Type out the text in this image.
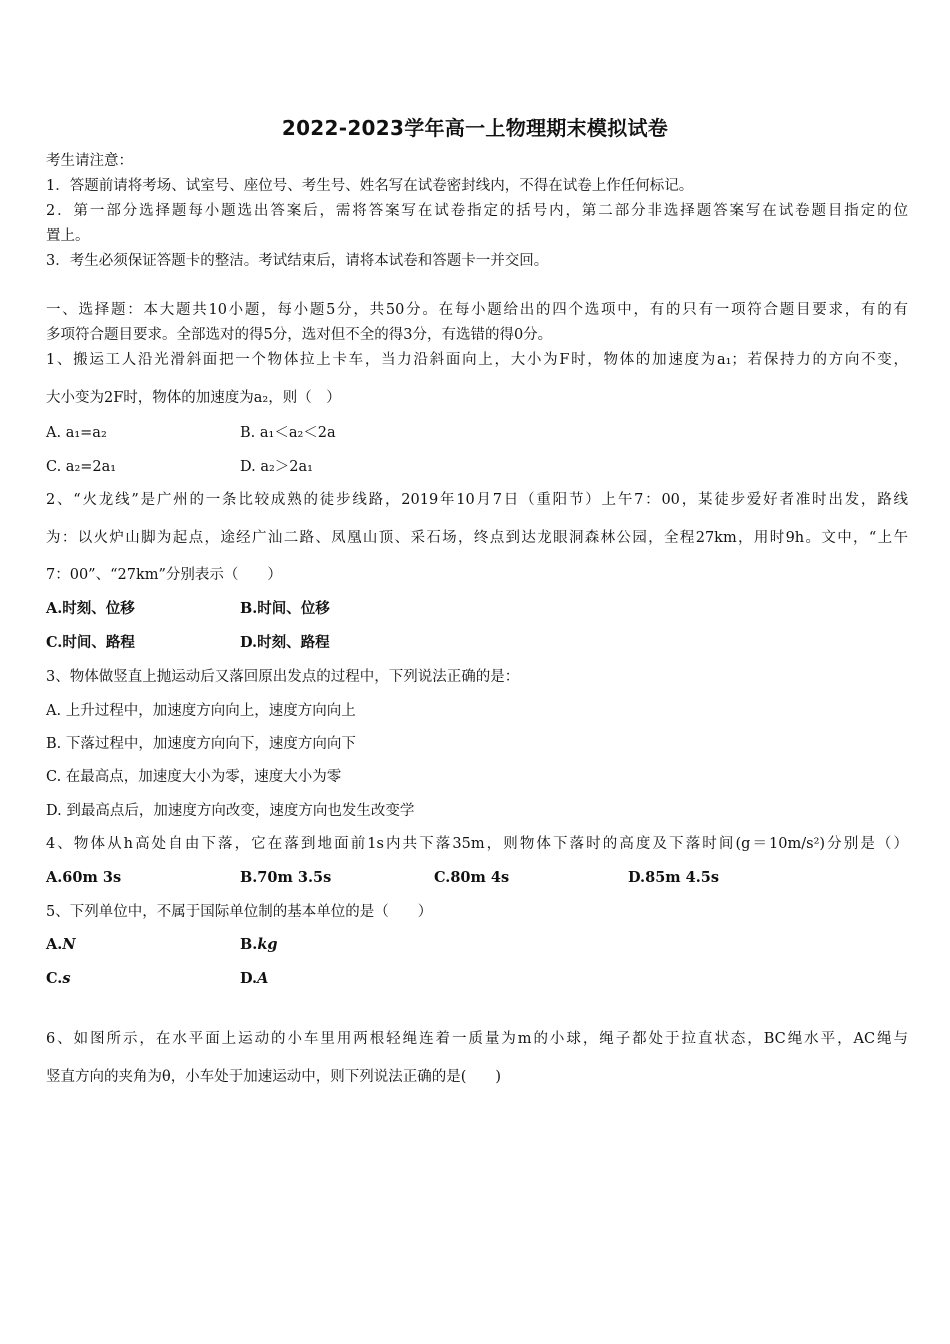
2022-2023学年高一上物理期末模拟试卷
考生请注意：
1．答题前请将考场、试室号、座位号、考生号、姓名写在试卷密封线内，不得在试卷上作任何标记。
2．第一部分选择题每小题选出答案后，需将答案写在试卷指定的括号内，第二部分非选择题答案写在试卷题目指定的位
置上。
3．考生必须保证答题卡的整洁。考试结束后，请将本试卷和答题卡一并交回。
一、选择题：本大题共10小题，每小题5分，共50分。在每小题给出的四个选项中，有的只有一项符合题目要求，有的有
多项符合题目要求。全部选对的得5分，选对但不全的得3分，有选错的得0分。
1、搬运工人沿光滑斜面把一个物体拉上卡车，当力沿斜面向上，大小为F时，物体的加速度为a₁；若保持力的方向不变，
大小变为2F时，物体的加速度为a₂，则（　）
A. a₁=a₂	B. a₁＜a₂＜2a
C. a₂=2a₁	D. a₂＞2a₁
2、“火龙线”是广州的一条比较成熟的徒步线路，2019年10月7日（重阳节）上午7：00，某徒步爱好者准时出发，路线
为：以火炉山脚为起点，途经广汕二路、凤凰山顶、采石场，终点到达龙眼洞森林公园，全程27km，用时9h。文中，“上午
7：00”、“27km”分别表示（　　）
A.时刻、位移	B.时间、位移
C.时间、路程	D.时刻、路程
3、物体做竖直上抛运动后又落回原出发点的过程中，下列说法正确的是：
A. 上升过程中，加速度方向向上，速度方向向上
B. 下落过程中，加速度方向向下，速度方向向下
C. 在最高点，加速度大小为零，速度大小为零
D. 到最高点后，加速度方向改变，速度方向也发生改变学
4、物体从h高处自由下落，它在落到地面前1s内共下落35m，则物体下落时的高度及下落时间(g＝10m/s²)分别是（）
A.60m 3s	B.70m 3.5s	C.80m 4s	D.85m 4.5s
5、下列单位中，不属于国际单位制的基本单位的是（　　）
A.N	B.kg
C.s	D.A
6、如图所示，在水平面上运动的小车里用两根轻绳连着一质量为m的小球，绳子都处于拉直状态，BC绳水平，AC绳与
竖直方向的夹角为θ，小车处于加速运动中，则下列说法正确的是(　　)
